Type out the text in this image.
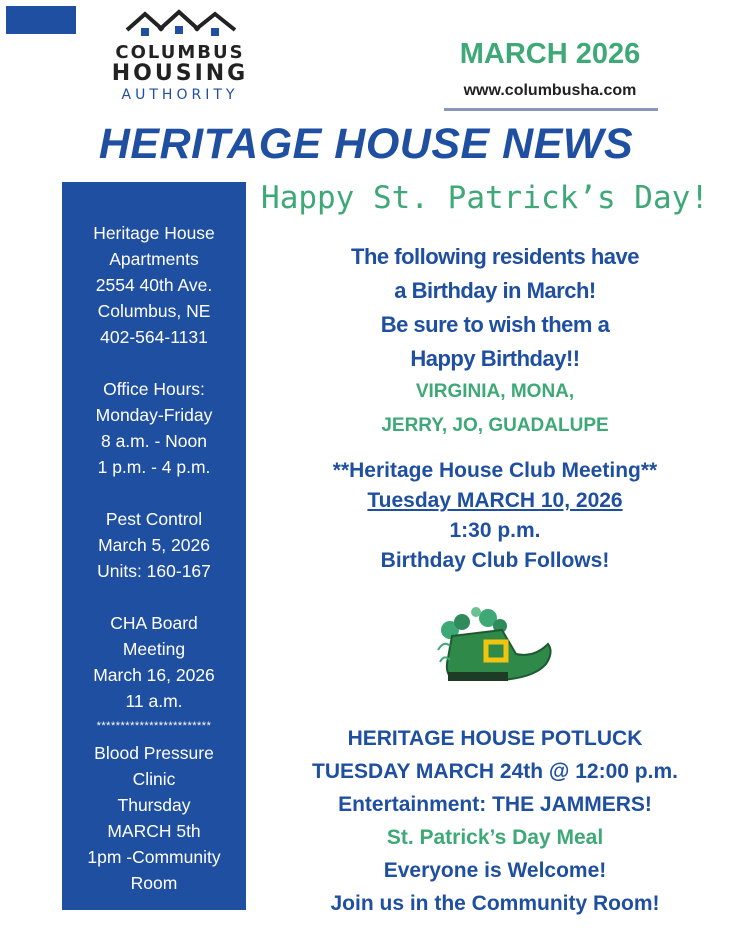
COLUMBUS
HOUSING
AUTHORITY
MARCH 2026
www.columbusha.com
HERITAGE HOUSE NEWS
Heritage House
Apartments
2554 40th Ave.
Columbus, NE
402-564-1131
Office Hours:
Monday-Friday
8 a.m. - Noon
1 p.m. - 4 p.m.
Pest Control
March 5, 2026
Units: 160-167
CHA Board
Meeting
March 16, 2026
11 a.m.
************************
Blood Pressure
Clinic
Thursday
MARCH 5th
1pm -Community
Room
Happy St. Patrick’s Day!
The following residents have
a Birthday in March!
Be sure to wish them a
Happy Birthday!!
VIRGINIA, MONA,
JERRY, JO, GUADALUPE
**Heritage House Club Meeting**
Tuesday MARCH 10, 2026
1:30 p.m.
Birthday Club Follows!
HERITAGE HOUSE POTLUCK
TUESDAY MARCH 24th @ 12:00 p.m.
Entertainment: THE JAMMERS!
St. Patrick’s Day Meal
Everyone is Welcome!
Join us in the Community Room!
